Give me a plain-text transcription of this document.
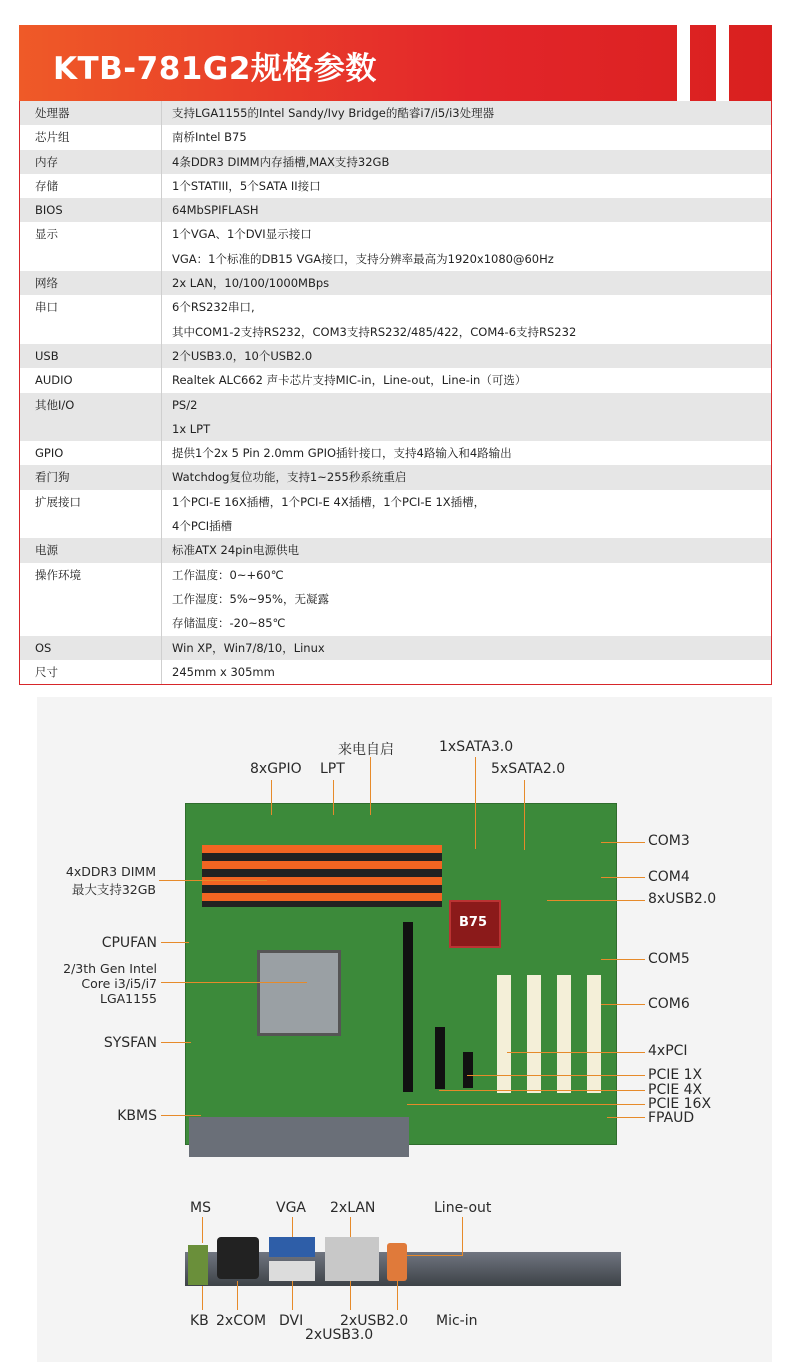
KTB-781G2规格参数
处理器	支持LGA1155的Intel Sandy/Ivy Bridge的酷睿i7/i5/i3处理器
芯片组	南桥Intel B75
内存	4条DDR3 DIMM内存插槽,MAX支持32GB
存储	1个STATIII，5个SATA II接口
BIOS	64MbSPIFLASH
显示	1个VGA、1个DVI显示接口
VGA：1个标准的DB15 VGA接口，支持分辨率最高为1920x1080@60Hz
网络	2x LAN，10/100/1000MBps
串口	6个RS232串口,
其中COM1-2支持RS232，COM3支持RS232/485/422，COM4-6支持RS232
USB	2个USB3.0，10个USB2.0
AUDIO	Realtek ALC662 声卡芯片支持MIC-in，Line-out，Line-in（可选）
其他I/O	PS/2
1x LPT
GPIO	提供1个2x 5 Pin 2.0mm GPIO插针接口，支持4路输入和4路输出
看门狗	Watchdog复位功能，支持1~255秒系统重启
扩展接口	1个PCI-E 16X插槽，1个PCI-E 4X插槽，1个PCI-E 1X插槽，
4个PCI插槽
电源	标准ATX 24pin电源供电
操作环境	工作温度：0~+60℃
工作湿度：5%~95%，无凝露
存储温度：-20~85℃
OS	Win XP，Win7/8/10，Linux
尺寸	245mm x 305mm
B75
8xGPIO LPT
来电自启	1xSATA3.0
5xSATA2.0
COM3
COM4
8xUSB2.0
COM5
COM6
4xPCI
PCIE 1X
PCIE 4X
PCIE 16X
FPAUD
4xDDR3 DIMM
最大支持32GB
CPUFAN
2/3th Gen Intel
Core i3/i5/i7
LGA1155
SYSFAN
KBMS
MS	VGA 2xLAN	Line-out
KB 2xCOM DVI	2xUSB2.0
2xUSB3.0
Mic-in
